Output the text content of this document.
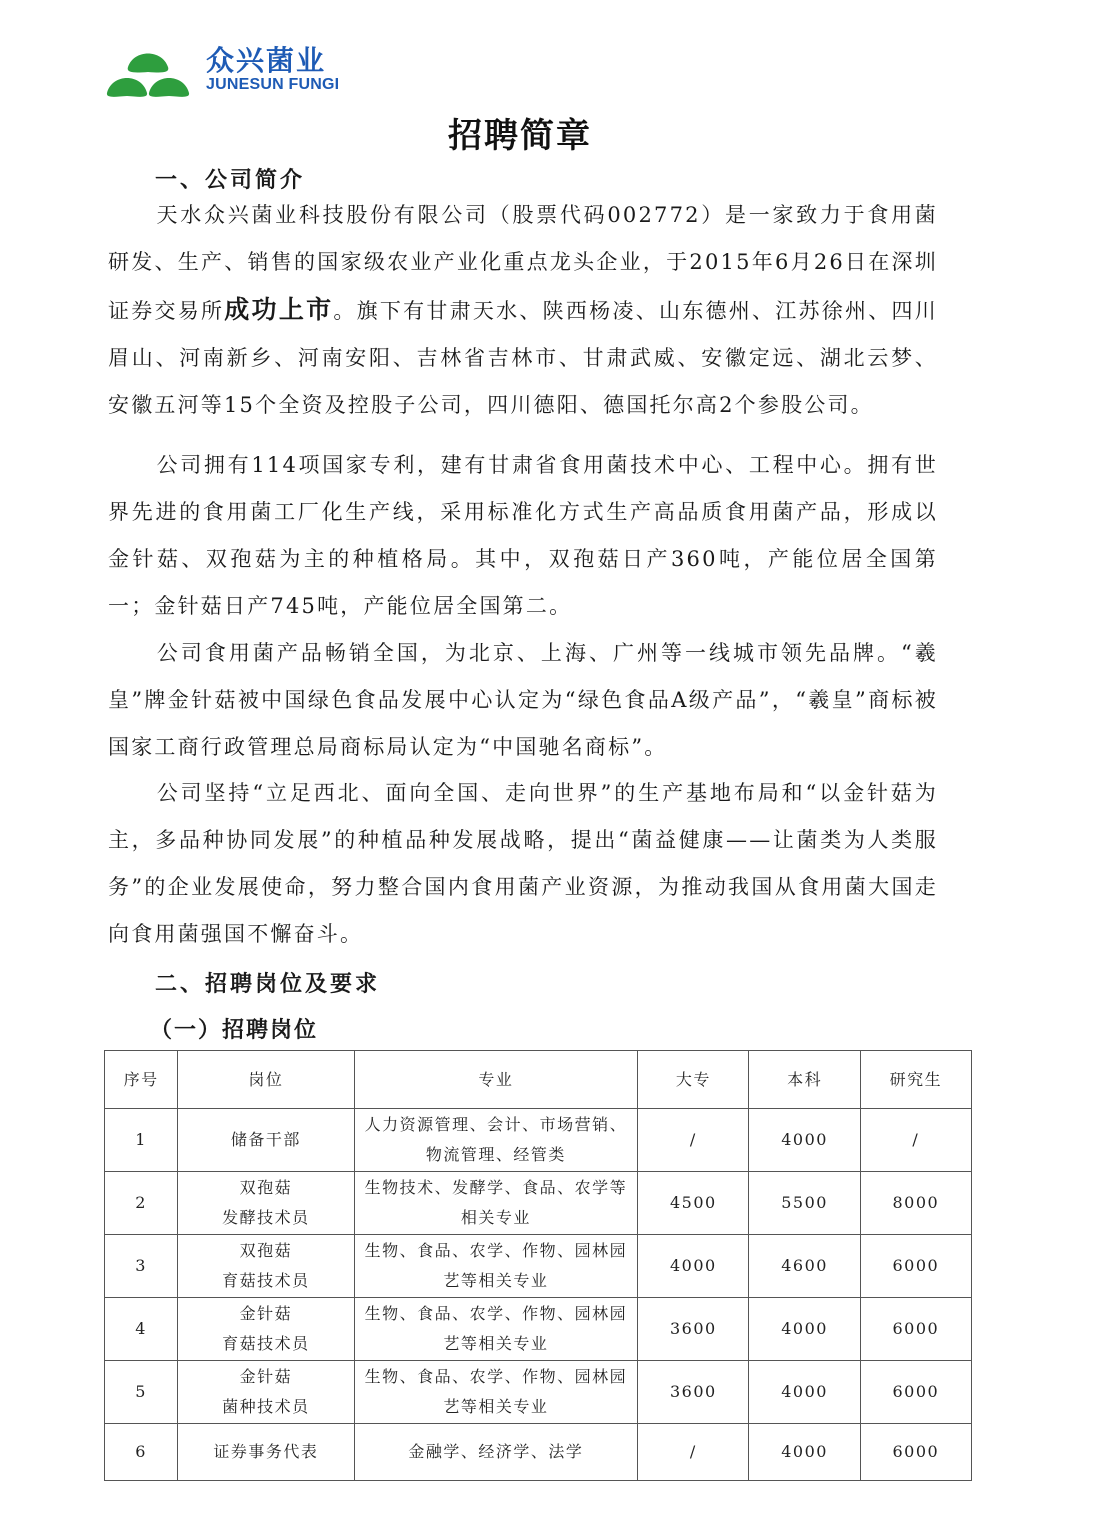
众兴菌业
JUNESUN FUNGI
招聘简章
一、公司简介

天水众兴菌业科技股份有限公司（股票代码002772）是一家致力于食用菌研发、生产、销售的国家级农业产业化重点龙头企业，于2015年6月26日在深圳证券交易所成功上市。旗下有甘肃天水、陕西杨凌、山东德州、江苏徐州、四川眉山、河南新乡、河南安阳、吉林省吉林市、甘肃武威、安徽定远、湖北云梦、安徽五河等15个全资及控股子公司，四川德阳、德国托尔高2个参股公司。

公司拥有114项国家专利，建有甘肃省食用菌技术中心、工程中心。拥有世界先进的食用菌工厂化生产线，采用标准化方式生产高品质食用菌产品，形成以金针菇、双孢菇为主的种植格局。其中，双孢菇日产360吨，产能位居全国第一；金针菇日产745吨，产能位居全国第二。

公司食用菌产品畅销全国，为北京、上海、广州等一线城市领先品牌。“羲皇”牌金针菇被中国绿色食品发展中心认定为“绿色食品A级产品”，“羲皇”商标被国家工商行政管理总局商标局认定为“中国驰名商标”。

公司坚持“立足西北、面向全国、走向世界”的生产基地布局和“以金针菇为主，多品种协同发展”的种植品种发展战略，提出“菌益健康——让菌类为人类服务”的企业发展使命，努力整合国内食用菌产业资源，为推动我国从食用菌大国走向食用菌强国不懈奋斗。

二、招聘岗位及要求
（一）招聘岗位
序号	岗位	专业	大专	本科	研究生
1	储备干部	人力资源管理、会计、市场营销、
物流管理、经管类	/	4000	/
2	双孢菇
发酵技术员	生物技术、发酵学、食品、农学等
相关专业	4500	5500	8000
3	双孢菇
育菇技术员	生物、食品、农学、作物、园林园
艺等相关专业	4000	4600	6000
4	金针菇
育菇技术员	生物、食品、农学、作物、园林园
艺等相关专业	3600	4000	6000
5	金针菇
菌种技术员	生物、食品、农学、作物、园林园
艺等相关专业	3600	4000	6000
6	证券事务代表	金融学、经济学、法学	/	4000	6000
